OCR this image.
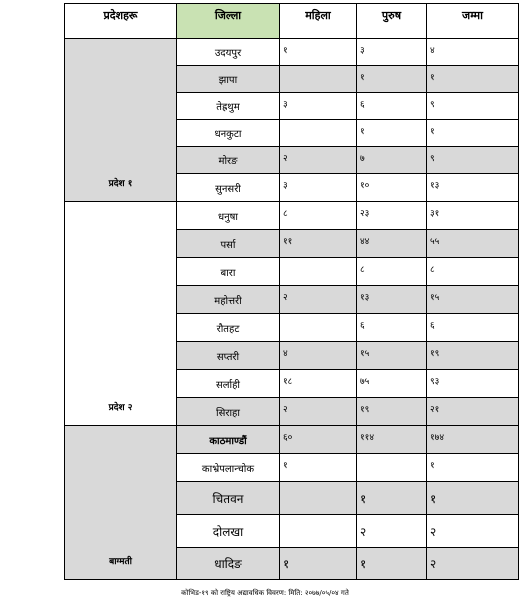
प्रदेशहरू	जिल्ला	महिला	पुरुष	जम्मा
प्रदेश १	उदयपुर	१	३	४
	झापा		१	१
	तेह्रथुम	३	६	९
	धनकुटा		१	१
	मोरङ	२	७	९
	सुनसरी	३	१०	१३
प्रदेश २	धनुषा	८	२३	३१
	पर्सा	११	४४	५५
	बारा		८	८
	महोत्तरी	२	१३	१५
	रौतहट		६	६
	सप्तरी	४	१५	१९
	सर्लाही	१८	७५	९३
	सिराहा	२	१९	२१
बाग्मती	काठमाण्डौं	६०	११४	१७४
	काभ्रेपलान्चोक	१		१
	चितवन		१	१
	दोलखा		२	२
	धादिङ	१	१	२
कोभिड-१९ को राष्ट्रिय अद्यावधिक विवरण: मिति: २०७७/०५/०४ गते
